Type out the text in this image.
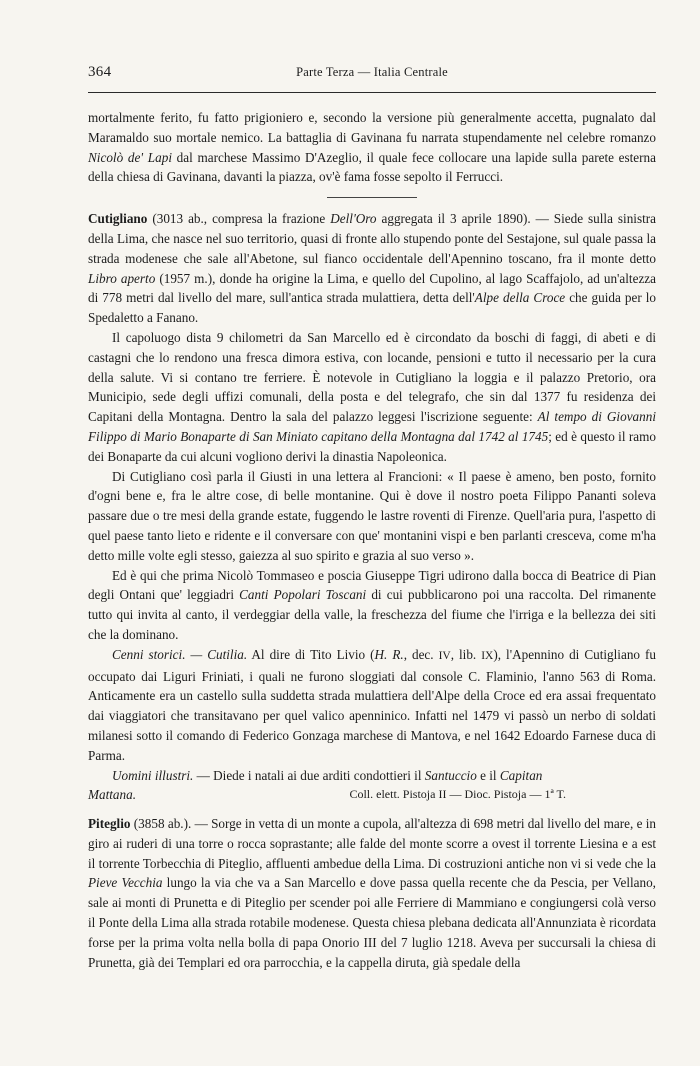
364	Parte Terza — Italia Centrale

mortalmente ferito, fu fatto prigioniero e, secondo la versione più generalmente accetta, pugnalato dal Maramaldo suo mortale nemico. La battaglia di Gavinana fu narrata stupendamente nel celebre romanzo Nicolò de' Lapi dal marchese Massimo D'Azeglio, il quale fece collocare una lapide sulla parete esterna della chiesa di Gavinana, davanti la piazza, ov'è fama fosse sepolto il Ferrucci.

Cutigliano (3013 ab., compresa la frazione Dell'Oro aggregata il 3 aprile 1890). — Siede sulla sinistra della Lima, che nasce nel suo territorio, quasi di fronte allo stupendo ponte del Sestajone, sul quale passa la strada modenese che sale all'Abetone, sul fianco occidentale dell'Apennino toscano, fra il monte detto Libro aperto (1957 m.), donde ha origine la Lima, e quello del Cupolino, al lago Scaffajolo, ad un'altezza di 778 metri dal livello del mare, sull'antica strada mulattiera, detta dell'Alpe della Croce che guida per lo Spedaletto a Fanano.

Il capoluogo dista 9 chilometri da San Marcello ed è circondato da boschi di faggi, di abeti e di castagni che lo rendono una fresca dimora estiva, con locande, pensioni e tutto il necessario per la cura della salute. Vi si contano tre ferriere. È notevole in Cutigliano la loggia e il palazzo Pretorio, ora Municipio, sede degli uffizi comunali, della posta e del telegrafo, che sin dal 1377 fu residenza dei Capitani della Montagna. Dentro la sala del palazzo leggesi l'iscrizione seguente: Al tempo di Giovanni Filippo di Mario Bonaparte di San Miniato capitano della Montagna dal 1742 al 1745; ed è questo il ramo dei Bonaparte da cui alcuni vogliono derivi la dinastia Napoleonica.

Di Cutigliano così parla il Giusti in una lettera al Francioni: « Il paese è ameno, ben posto, fornito d'ogni bene e, fra le altre cose, di belle montanine. Qui è dove il nostro poeta Filippo Pananti soleva passare due o tre mesi della grande estate, fuggendo le lastre roventi di Firenze. Quell'aria pura, l'aspetto di quel paese tanto lieto e ridente e il conversare con que' montanini vispi e ben parlanti cresceva, come m'ha detto mille volte egli stesso, gaiezza al suo spirito e grazia al suo verso ».

Ed è qui che prima Nicolò Tommaseo e poscia Giuseppe Tigri udirono dalla bocca di Beatrice di Pian degli Ontani que' leggiadri Canti Popolari Toscani di cui pubblicarono poi una raccolta. Del rimanente tutto qui invita al canto, il verdeggiar della valle, la freschezza del fiume che l'irriga e la bellezza dei siti che la dominano.

Cenni storici. — Cutilia. Al dire di Tito Livio (H. R., dec. IV, lib. IX), l'Apennino di Cutigliano fu occupato dai Liguri Friniati, i quali ne furono sloggiati dal console C. Flaminio, l'anno 563 di Roma. Anticamente era un castello sulla suddetta strada mulattiera dell'Alpe della Croce ed era assai frequentato dai viaggiatori che transitavano per quel valico apenninico. Infatti nel 1479 vi passò un nerbo di soldati milanesi sotto il comando di Federico Gonzaga marchese di Mantova, e nel 1642 Edoardo Farnese duca di Parma.

Uomini illustri. — Diede i natali ai due arditi condottieri il Santuccio e il Capitan

Mattana.	Coll. elett. Pistoja II — Dioc. Pistoja — 1ª T.

Piteglio (3858 ab.). — Sorge in vetta di un monte a cupola, all'altezza di 698 metri dal livello del mare, e in giro ai ruderi di una torre o rocca soprastante; alle falde del monte scorre a ovest il torrente Liesina e a est il torrente Torbecchia di Piteglio, affluenti ambedue della Lima. Di costruzioni antiche non vi si vede che la Pieve Vecchia lungo la via che va a San Marcello e dove passa quella recente che da Pescia, per Vellano, sale ai monti di Prunetta e di Piteglio per scender poi alle Ferriere di Mammiano e congiungersi colà verso il Ponte della Lima alla strada rotabile modenese. Questa chiesa plebana dedicata all'Annunziata è ricordata forse per la prima volta nella bolla di papa Onorio III del 7 luglio 1218. Aveva per succursali la chiesa di Prunetta, già dei Templari ed ora parrocchia, e la cappella diruta, già spedale della
